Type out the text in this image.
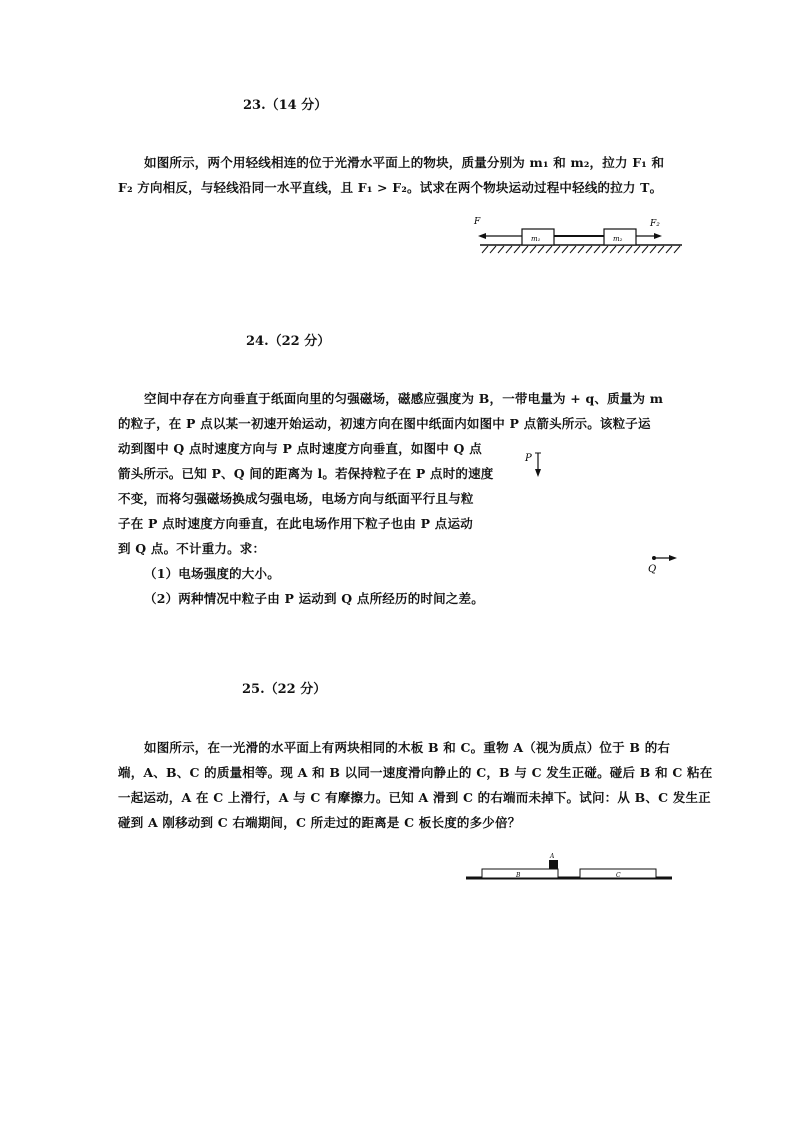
23.（14 分）
如图所示，两个用轻线相连的位于光滑水平面上的物块，质量分别为 m₁ 和 m₂，拉力 F₁ 和
F₂ 方向相反，与轻线沿同一水平直线，且 F₁ > F₂。试求在两个物块运动过程中轻线的拉力 T。
F	F₂
m₁	m₂
24.（22 分）
空间中存在方向垂直于纸面向里的匀强磁场，磁感应强度为 B，一带电量为 + q、质量为 m
的粒子，在 P 点以某一初速开始运动，初速方向在图中纸面内如图中 P 点箭头所示。该粒子运
动到图中 Q 点时速度方向与 P 点时速度方向垂直，如图中 Q 点
箭头所示。已知 P、Q 间的距离为 l。若保持粒子在 P 点时的速度
不变，而将匀强磁场换成匀强电场，电场方向与纸面平行且与粒
子在 P 点时速度方向垂直，在此电场作用下粒子也由 P 点运动
到 Q 点。不计重力。求：
（1）电场强度的大小。
（2）两种情况中粒子由 P 运动到 Q 点所经历的时间之差。
P
Q
25.（22 分）
如图所示，在一光滑的水平面上有两块相同的木板 B 和 C。重物 A（视为质点）位于 B 的右
端，A、B、C 的质量相等。现 A 和 B 以同一速度滑向静止的 C，B 与 C 发生正碰。碰后 B 和 C 粘在
一起运动，A 在 C 上滑行，A 与 C 有摩擦力。已知 A 滑到 C 的右端而未掉下。试问：从 B、C 发生正
碰到 A 刚移动到 C 右端期间，C 所走过的距离是 C 板长度的多少倍？
A
B	C
